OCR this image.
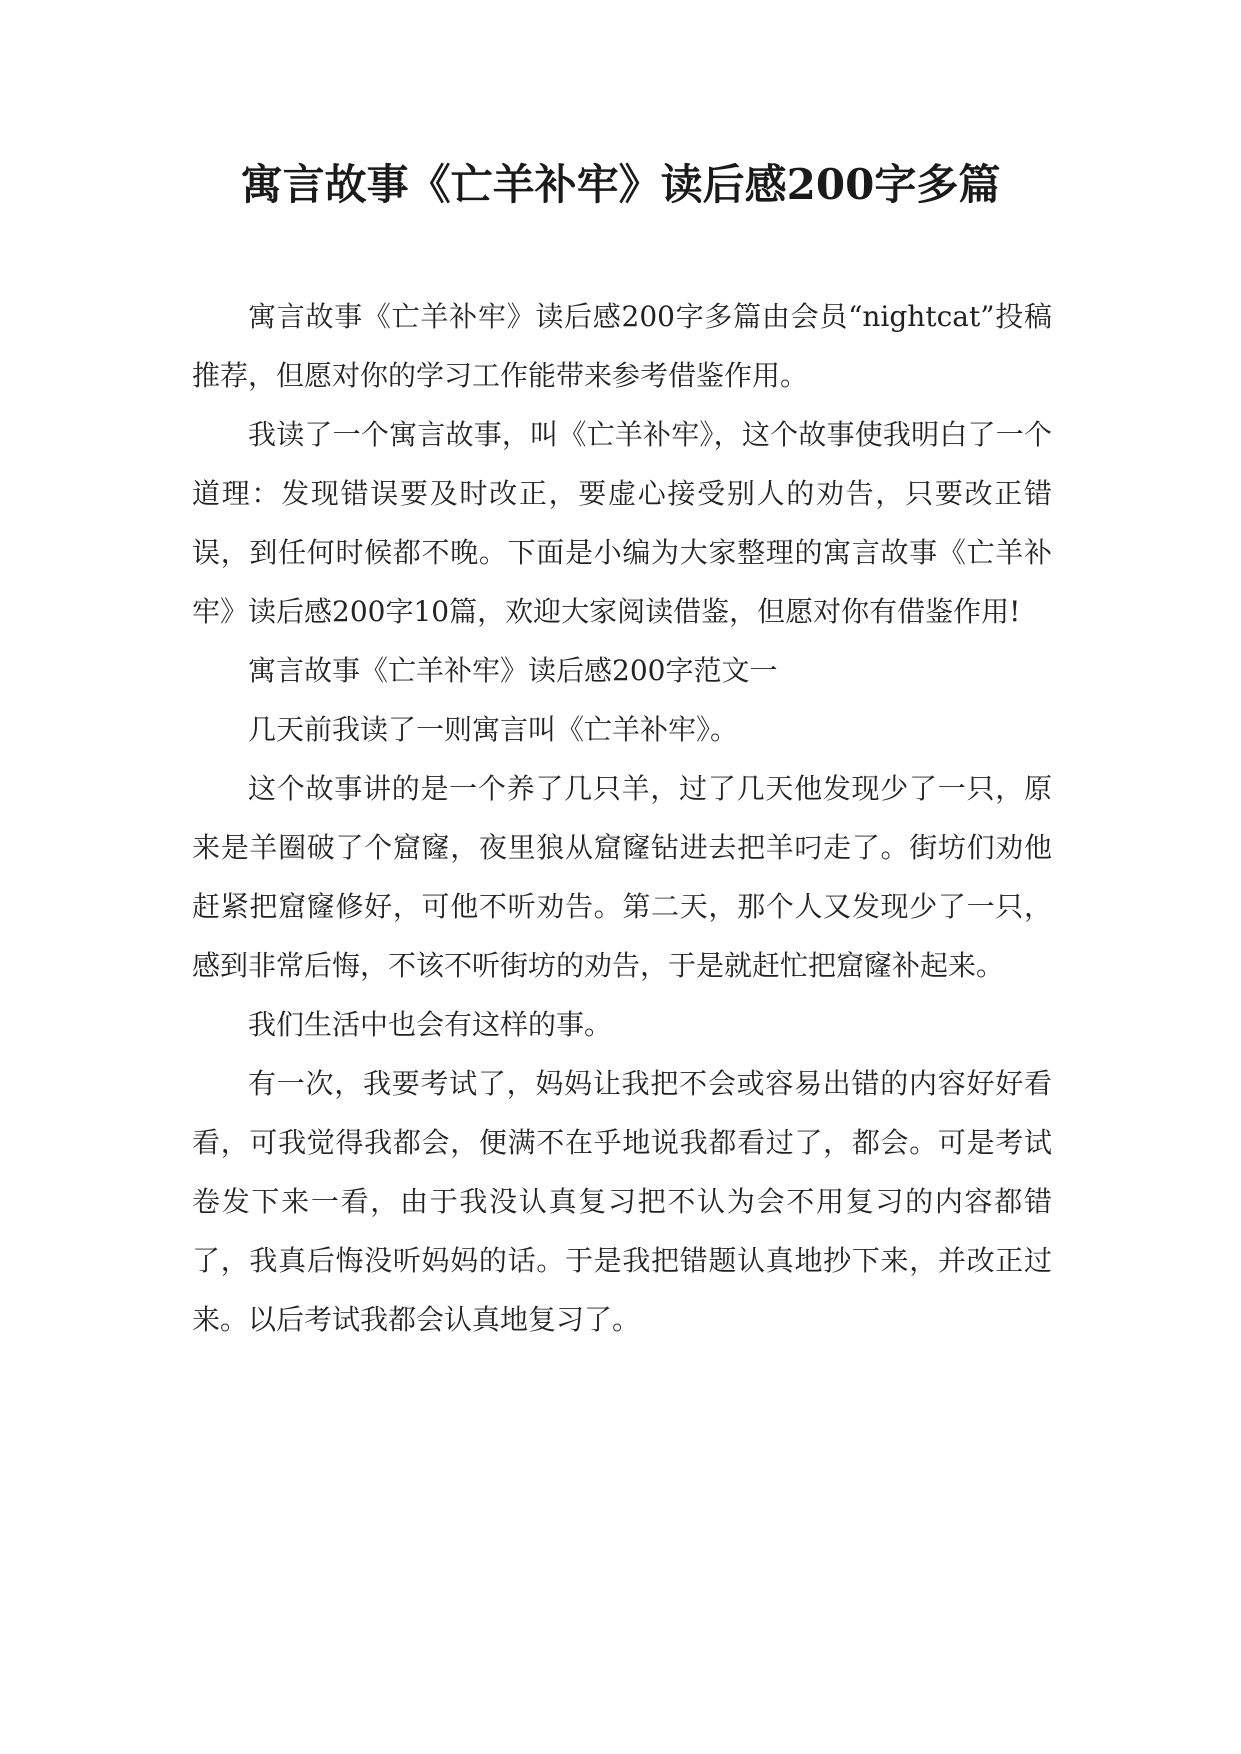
寓言故事《亡羊补牢》读后感200字多篇

寓言故事《亡羊补牢》读后感200字多篇由会员“nightcat”投稿推荐，但愿对你的学习工作能带来参考借鉴作用。

我读了一个寓言故事，叫《亡羊补牢》，这个故事使我明白了一个道理：发现错误要及时改正，要虚心接受别人的劝告，只要改正错误，到任何时候都不晚。下面是小编为大家整理的寓言故事《亡羊补牢》读后感200字10篇，欢迎大家阅读借鉴，但愿对你有借鉴作用!

寓言故事《亡羊补牢》读后感200字范文一

几天前我读了一则寓言叫《亡羊补牢》。

这个故事讲的是一个养了几只羊，过了几天他发现少了一只，原来是羊圈破了个窟窿，夜里狼从窟窿钻进去把羊叼走了。街坊们劝他赶紧把窟窿修好，可他不听劝告。第二天，那个人又发现少了一只，感到非常后悔，不该不听街坊的劝告，于是就赶忙把窟窿补起来。

我们生活中也会有这样的事。

有一次，我要考试了，妈妈让我把不会或容易出错的内容好好看看，可我觉得我都会，便满不在乎地说我都看过了，都会。可是考试卷发下来一看，由于我没认真复习把不认为会不用复习的内容都错了，我真后悔没听妈妈的话。于是我把错题认真地抄下来，并改正过来。以后考试我都会认真地复习了。
